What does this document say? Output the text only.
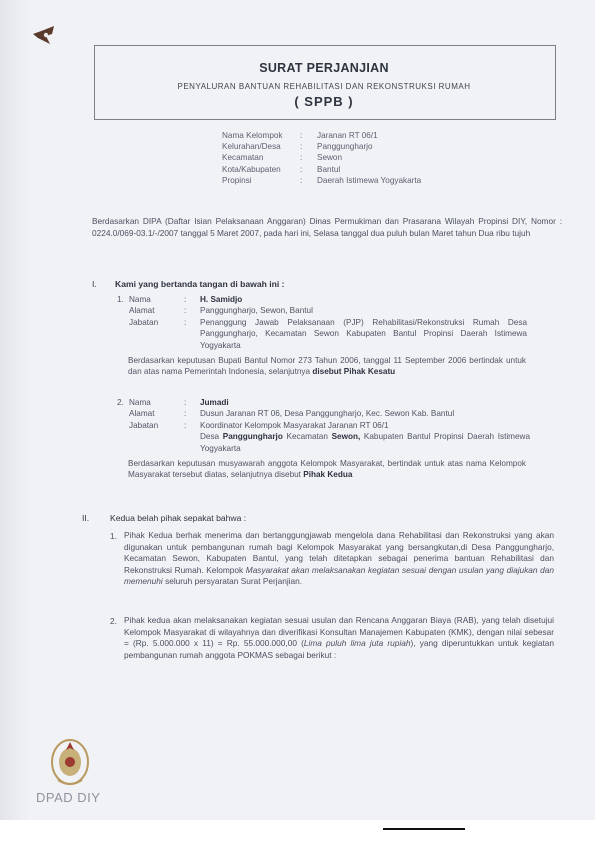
SURAT PERJANJIAN
PENYALURAN BANTUAN REHABILITASI DAN REKONSTRUKSI RUMAH
( SPPB )
Nama Kelompok : Jaranan RT 06/1
Kelurahan/Desa : Panggungharjo
Kecamatan	: Sewon
Kota/Kabupaten : Bantul
Propinsi	: Daerah Istimewa Yogyakarta
Berdasarkan DIPA (Daftar Isian Pelaksanaan Anggaran) Dinas Permukiman dan Prasarana Wilayah Propinsi DIY, Nomor : 0224.0/069-03.1/-/2007 tanggal 5 Maret 2007, pada hari ini, Selasa tanggal dua puluh bulan Maret tahun Dua ribu tujuh
I. Kami yang bertanda tangan di bawah ini :
1. Nama	: H. Samidjo
Alamat	: Panggungharjo, Sewon, Bantul
Jabatan	:	Penanggung Jawab Pelaksanaan (PJP) Rehabilitasi/Rekonstruksi Rumah Desa Panggungharjo, Kecamatan Sewon Kabupaten Bantul Propinsi Daerah Istimewa Yogyakarta
Berdasarkan keputusan Bupati Bantul Nomor 273 Tahun 2006, tanggal 11 September 2006 bertindak untuk dan atas nama Pemerintah Indonesia, selanjutnya disebut Pihak Kesatu
2. Nama	: Jumadi
Alamat	: Dusun Jaranan RT 06, Desa Panggungharjo, Kec. Sewon Kab. Bantul
Jabatan	: Koordinator Kelompok Masyarakat Jaranan RT 06/1
Desa Panggungharjo Kecamatan Sewon, Kabupaten Bantul Propinsi Daerah Istimewa Yogyakarta
Berdasarkan keputusan musyawarah anggota Kelompok Masyarakat, bertindak untuk atas nama Kelompok Masyarakat tersebut diatas, selanjutnya disebut Pihak Kedua
II. Kedua belah pihak sepakat bahwa :
1. Pihak Kedua berhak menerima dan bertanggungjawab mengelola dana Rehabilitasi dan Rekonstruksi yang akan digunakan untuk pembangunan rumah bagi Kelompok Masyarakat yang bersangkutan,di Desa Panggungharjo, Kecamatan Sewon, Kabupaten Bantul, yang telah ditetapkan sebagai penerima bantuan Rehabilitasi dan Rekonstruksi Rumah. Kelompok Masyarakat akan melaksanakan kegiatan sesuai dengan usulan yang diajukan dan memenuhi seluruh persyaratan Surat Perjanjian.
2. Pihak kedua akan melaksanakan kegiatan sesuai usulan dan Rencana Anggaran Biaya (RAB), yang telah disetujui Kelompok Masyarakat di wilayahnya dan diverifikasi Konsultan Manajemen Kabupaten (KMK), dengan nilai sebesar = (Rp. 5.000.000 x 11) = Rp. 55.000.000,00 (Lima puluh lima juta rupiah), yang diperuntukkan untuk kegiatan pembangunan rumah anggota POKMAS sebagai berikut :
DPAD DIY
